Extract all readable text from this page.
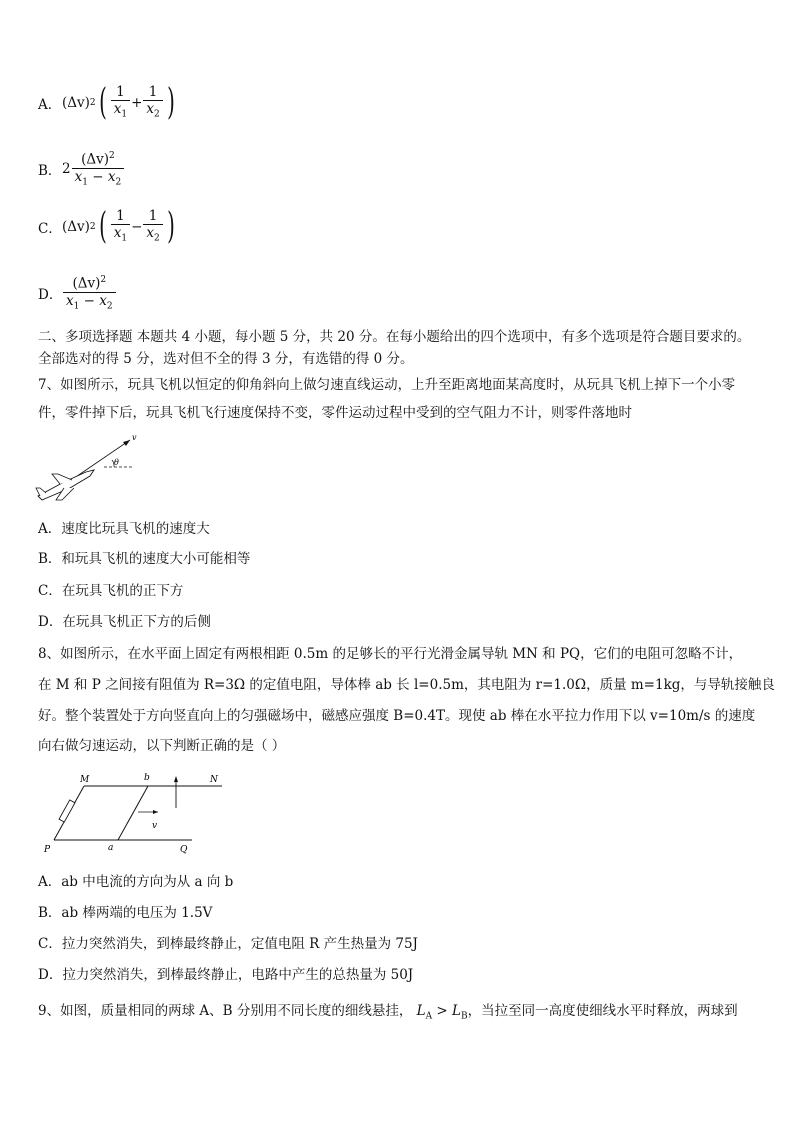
A． (Δv) 2 ( $\frac{1}{x_1} + \frac{1}{x_2}$ )
B． $2 \frac{(\Delta v)^2}{x_1 - x_2}$
C． (Δv) 2 ( $\frac{1}{x_1} - \frac{1}{x_2}$ )
D． $\frac{(\Delta v)^2}{x_1 - x_2}$
二、多项选择题 本题共 4 小题，每小题 5 分，共 20 分。在每小题给出的四个选项中，有多个选项是符合题目要求的。
全部选对的得 5 分，选对但不全的得 3 分，有选错的得 0 分。
7、如图所示，玩具飞机以恒定的仰角斜向上做匀速直线运动，上升至距离地面某高度时，从玩具飞机上掉下一个小零
件，零件掉下后，玩具飞机飞行速度保持不变，零件运动过程中受到的空气阻力不计，则零件落地时
v
θ
A．速度比玩具飞机的速度大
B．和玩具飞机的速度大小可能相等
C．在玩具飞机的正下方
D．在玩具飞机正下方的后侧
8、如图所示，在水平面上固定有两根相距 0.5m 的足够长的平行光滑金属导轨 MN 和 PQ，它们的电阻可忽略不计，
在 M 和 P 之间接有阻值为 R=3Ω 的定值电阻，导体棒 ab 长 l=0.5m，其电阻为 r=1.0Ω，质量 m=1kg，与导轨接触良
好。整个装置处于方向竖直向上的匀强磁场中，磁感应强度 B=0.4T。现使 ab 棒在水平拉力作用下以 v=10m/s 的速度
向右做匀速运动，以下判断正确的是（ ）
M	b	N
P	a	Q
v
A．ab 中电流的方向为从 a 向 b
B．ab 棒两端的电压为 1.5V
C．拉力突然消失，到棒最终静止，定值电阻 R 产生热量为 75J
D．拉力突然消失，到棒最终静止，电路中产生的总热量为 50J
9、如图，质量相同的两球 A、B 分别用不同长度的细线悬挂， $L_A > L_B$，当拉至同一高度使细线水平时释放，两球到
